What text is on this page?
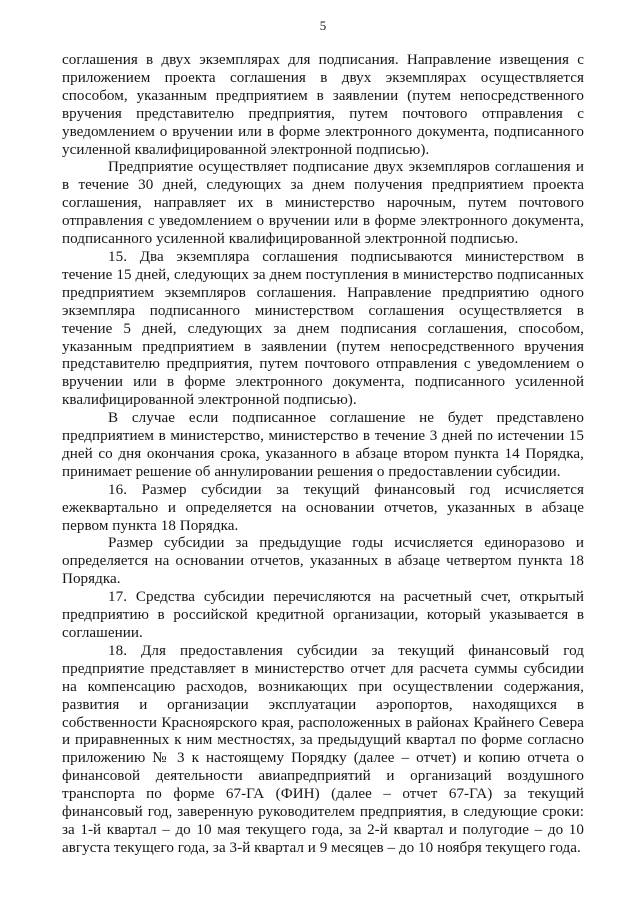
5

соглашения в двух экземплярах для подписания. Направление извещения с приложением проекта соглашения в двух экземплярах осуществляется способом, указанным предприятием в заявлении (путем непосредственного вручения представителю предприятия, путем почтового отправления с уведомлением о вручении или в форме электронного документа, подписанного усиленной квалифицированной электронной подписью).

Предприятие осуществляет подписание двух экземпляров соглашения и в течение 30 дней, следующих за днем получения предприятием проекта соглашения, направляет их в министерство нарочным, путем почтового отправления с уведомлением о вручении или в форме электронного документа, подписанного усиленной квалифицированной электронной подписью.

15. Два экземпляра соглашения подписываются министерством в течение 15 дней, следующих за днем поступления в министерство подписанных предприятием экземпляров соглашения. Направление предприятию одного экземпляра подписанного министерством соглашения осуществляется в течение 5 дней, следующих за днем подписания соглашения, способом, указанным предприятием в заявлении (путем непосредственного вручения представителю предприятия, путем почтового отправления с уведомлением о вручении или в форме электронного документа, подписанного усиленной квалифицированной электронной подписью).

В случае если подписанное соглашение не будет представлено предприятием в министерство, министерство в течение 3 дней по истечении 15 дней со дня окончания срока, указанного в абзаце втором пункта 14 Порядка, принимает решение об аннулировании решения о предоставлении субсидии.

16. Размер субсидии за текущий финансовый год исчисляется ежеквартально и определяется на основании отчетов, указанных в абзаце первом пункта 18 Порядка.

Размер субсидии за предыдущие годы исчисляется единоразово и определяется на основании отчетов, указанных в абзаце четвертом пункта 18 Порядка.

17. Средства субсидии перечисляются на расчетный счет, открытый предприятию в российской кредитной организации, который указывается в соглашении.

18. Для предоставления субсидии за текущий финансовый год предприятие представляет в министерство отчет для расчета суммы субсидии на компенсацию расходов, возникающих при осуществлении содержания, развития и организации эксплуатации аэропортов, находящихся в собственности Красноярского края, расположенных в районах Крайнего Севера и приравненных к ним местностях, за предыдущий квартал по форме согласно приложению № 3 к настоящему Порядку (далее – отчет) и копию отчета о финансовой деятельности авиапредприятий и организаций воздушного транспорта по форме 67-ГА (ФИН) (далее – отчет 67-ГА) за текущий финансовый год, заверенную руководителем предприятия, в следующие сроки: за 1-й квартал – до 10 мая текущего года, за 2-й квартал и полугодие – до 10 августа текущего года, за 3-й квартал и 9 месяцев – до 10 ноября текущего года.
